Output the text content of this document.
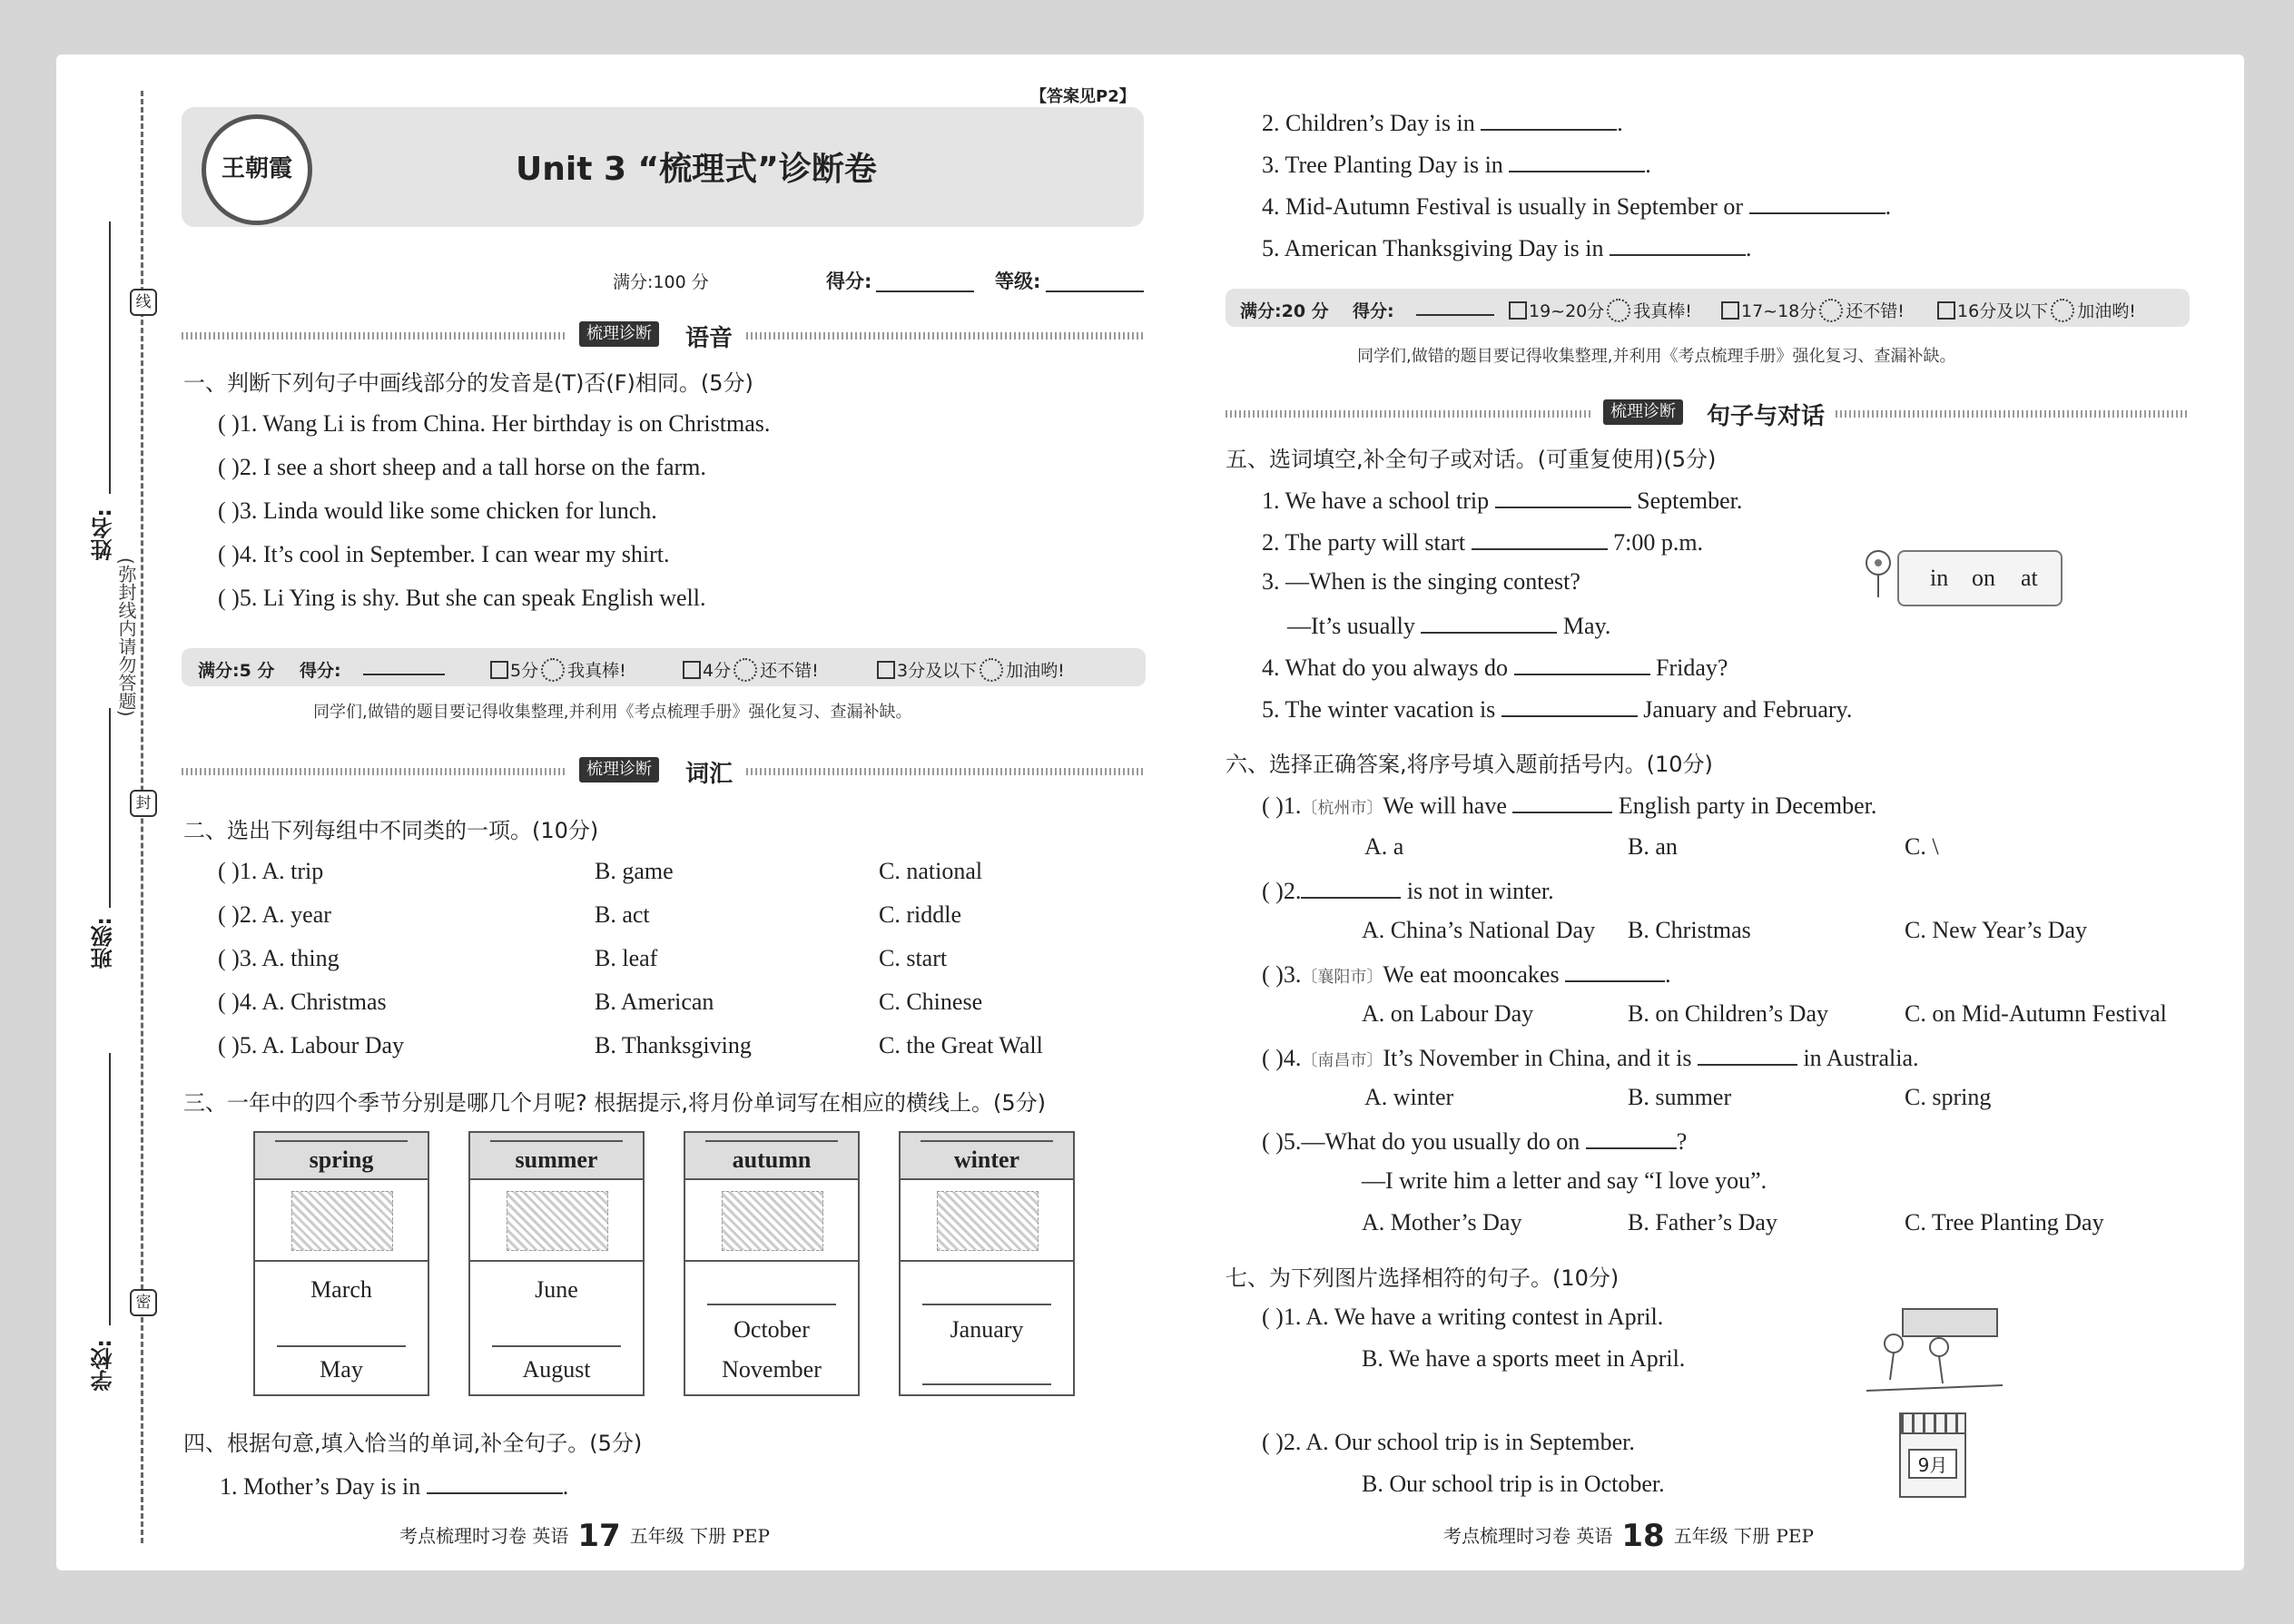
线
封
密
(弥封线内请勿答题)
姓名:
班级:
学校:
【答案见P2】
王朝霞	Unit 3 “梳理式”诊断卷
满分:100 分	得分:	等级:
梳理诊断	语音
一、判断下列句子中画线部分的发音是(T)否(F)相同。(5分)
( )1. Wang Li is from China. Her birthday is on Christmas.
( )2. I see a short sheep and a tall horse on the farm.
( )3. Linda would like some chicken for lunch.
( )4. It’s cool in September. I can wear my shirt.
( )5. Li Ying is shy. But she can speak English well.
满分:5 分 得分:	5分 我真棒!	4分 还不错!	3分及以下 加油哟!
同学们,做错的题目要记得收集整理,并利用《考点梳理手册》强化复习、查漏补缺。
梳理诊断	词汇
二、选出下列每组中不同类的一项。(10分)
( )1. A. trip	B. game	C. national
( )2. A. year	B. act	C. riddle
( )3. A. thing	B. leaf	C. start
( )4. A. Christmas	B. American	C. Chinese
( )5. A. Labour Day	B. Thanksgiving	C. the Great Wall
三、一年中的四个季节分别是哪几个月呢? 根据提示,将月份单词写在相应的横线上。(5分)
spring
March
May
summer
June
August
autumn
October
November
winter
January
四、根据句意,填入恰当的单词,补全句子。(5分)
1. Mother’s Day is in	.
考点梳理时习卷 英语 17 五年级 下册 PEP
2. Children’s Day is in	.
3. Tree Planting Day is in	.
4. Mid-Autumn Festival is usually in September or	.
5. American Thanksgiving Day is in	.
满分:20 分 得分:	19~20分 我真棒!	17~18分 还不错!	16分及以下 加油哟!
同学们,做错的题目要记得收集整理,并利用《考点梳理手册》强化复习、查漏补缺。
梳理诊断	句子与对话
五、选词填空,补全句子或对话。(可重复使用)(5分)
1. We have a school trip	September.
2. The party will start	7:00 p.m.
3. —When is the singing contest?
—It’s usually	May.
4. What do you always do	Friday?
5. The winter vacation is	January and February.
in on at
六、选择正确答案,将序号填入题前括号内。(10分)
( )1.〔杭州市〕We will have	English party in December.
A. a	B. an	C. \
( )2.	is not in winter.
A. China’s National Day B. Christmas	C. New Year’s Day
( )3.〔襄阳市〕We eat mooncakes	.
A. on Labour Day	B. on Children’s Day	C. on Mid-Autumn Festival
( )4.〔南昌市〕It’s November in China, and it is	in Australia.
A. winter	B. summer	C. spring
( )5.—What do you usually do on	?
—I write him a letter and say “I love you”.
A. Mother’s Day	B. Father’s Day	C. Tree Planting Day
七、为下列图片选择相符的句子。(10分)
( )1. A. We have a writing contest in April.
B. We have a sports meet in April.
( )2. A. Our school trip is in September.
B. Our school trip is in October.
9月
考点梳理时习卷 英语 18 五年级 下册 PEP
